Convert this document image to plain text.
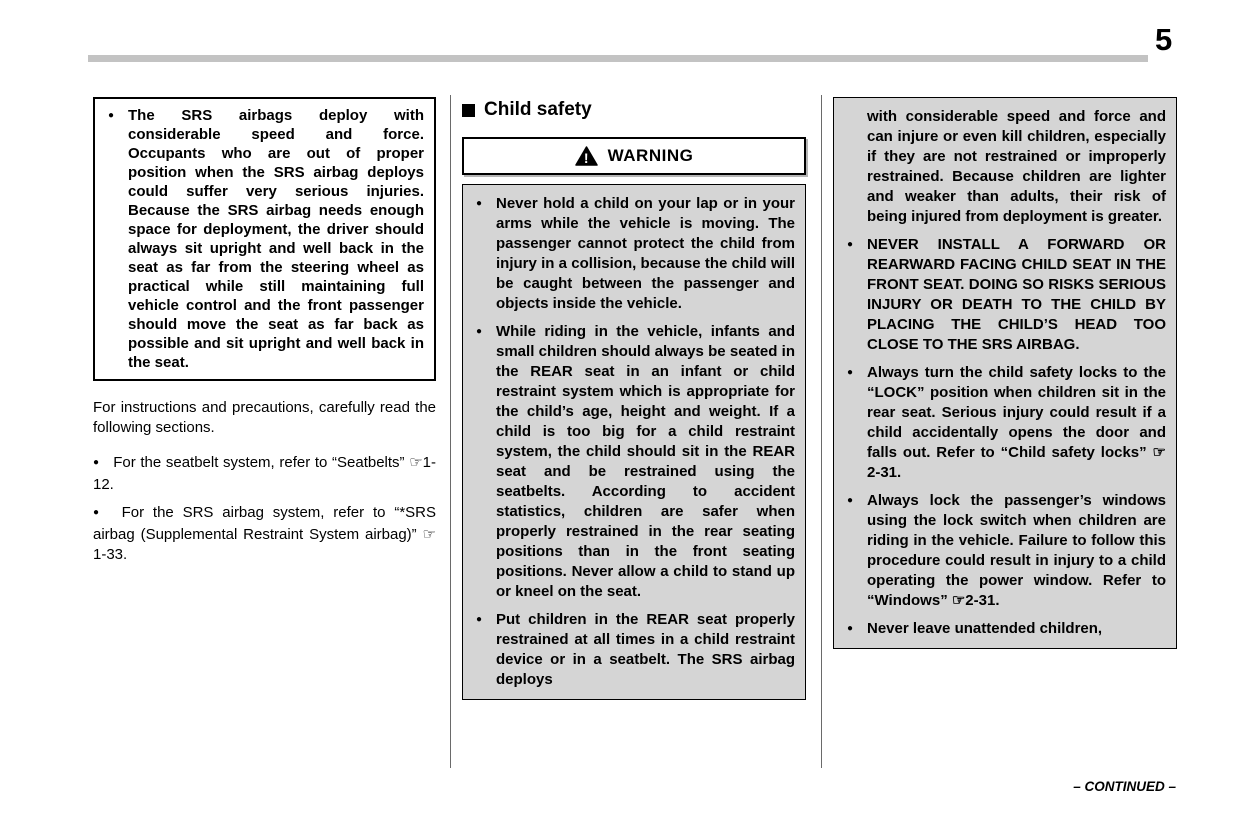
5
● The SRS airbags deploy with considerable speed and force. Occupants who are out of proper position when the SRS airbag deploys could suffer very serious injuries. Because the SRS airbag needs enough space for deployment, the driver should always sit upright and well back in the seat as far from the steering wheel as practical while still maintaining full vehicle control and the front passenger should move the seat as far back as possible and sit upright and well back in the seat.

For instructions and precautions, carefully read the following sections.

● For the seatbelt system, refer to “Seatbelts” ☞1-12.
● For the SRS airbag system, refer to “*SRS airbag (Supplemental Restraint System airbag)” ☞1-33.
Child safety
! WARNING
● Never hold a child on your lap or in your arms while the vehicle is moving. The passenger cannot protect the child from injury in a collision, because the child will be caught between the passenger and objects inside the vehicle.
● While riding in the vehicle, infants and small children should always be seated in the REAR seat in an infant or child restraint system which is appropriate for the child’s age, height and weight. If a child is too big for a child restraint system, the child should sit in the REAR seat and be restrained using the seatbelts. According to accident statistics, children are safer when properly restrained in the rear seating positions than in the front seating positions. Never allow a child to stand up or kneel on the seat.
● Put children in the REAR seat properly restrained at all times in a child restraint device or in a seatbelt. The SRS airbag deploys
with considerable speed and force and can injure or even kill children, especially if they are not restrained or improperly restrained. Because children are lighter and weaker than adults, their risk of being injured from deployment is greater.
● NEVER INSTALL A FORWARD OR REARWARD FACING CHILD SEAT IN THE FRONT SEAT. DOING SO RISKS SERIOUS INJURY OR DEATH TO THE CHILD BY PLACING THE CHILD’S HEAD TOO CLOSE TO THE SRS AIRBAG.
● Always turn the child safety locks to the “LOCK” position when children sit in the rear seat. Serious injury could result if a child accidentally opens the door and falls out. Refer to “Child safety locks” ☞2-31.
● Always lock the passenger’s windows using the lock switch when children are riding in the vehicle. Failure to follow this procedure could result in injury to a child operating the power window. Refer to “Windows” ☞2-31.
● Never leave unattended children,
– CONTINUED –
